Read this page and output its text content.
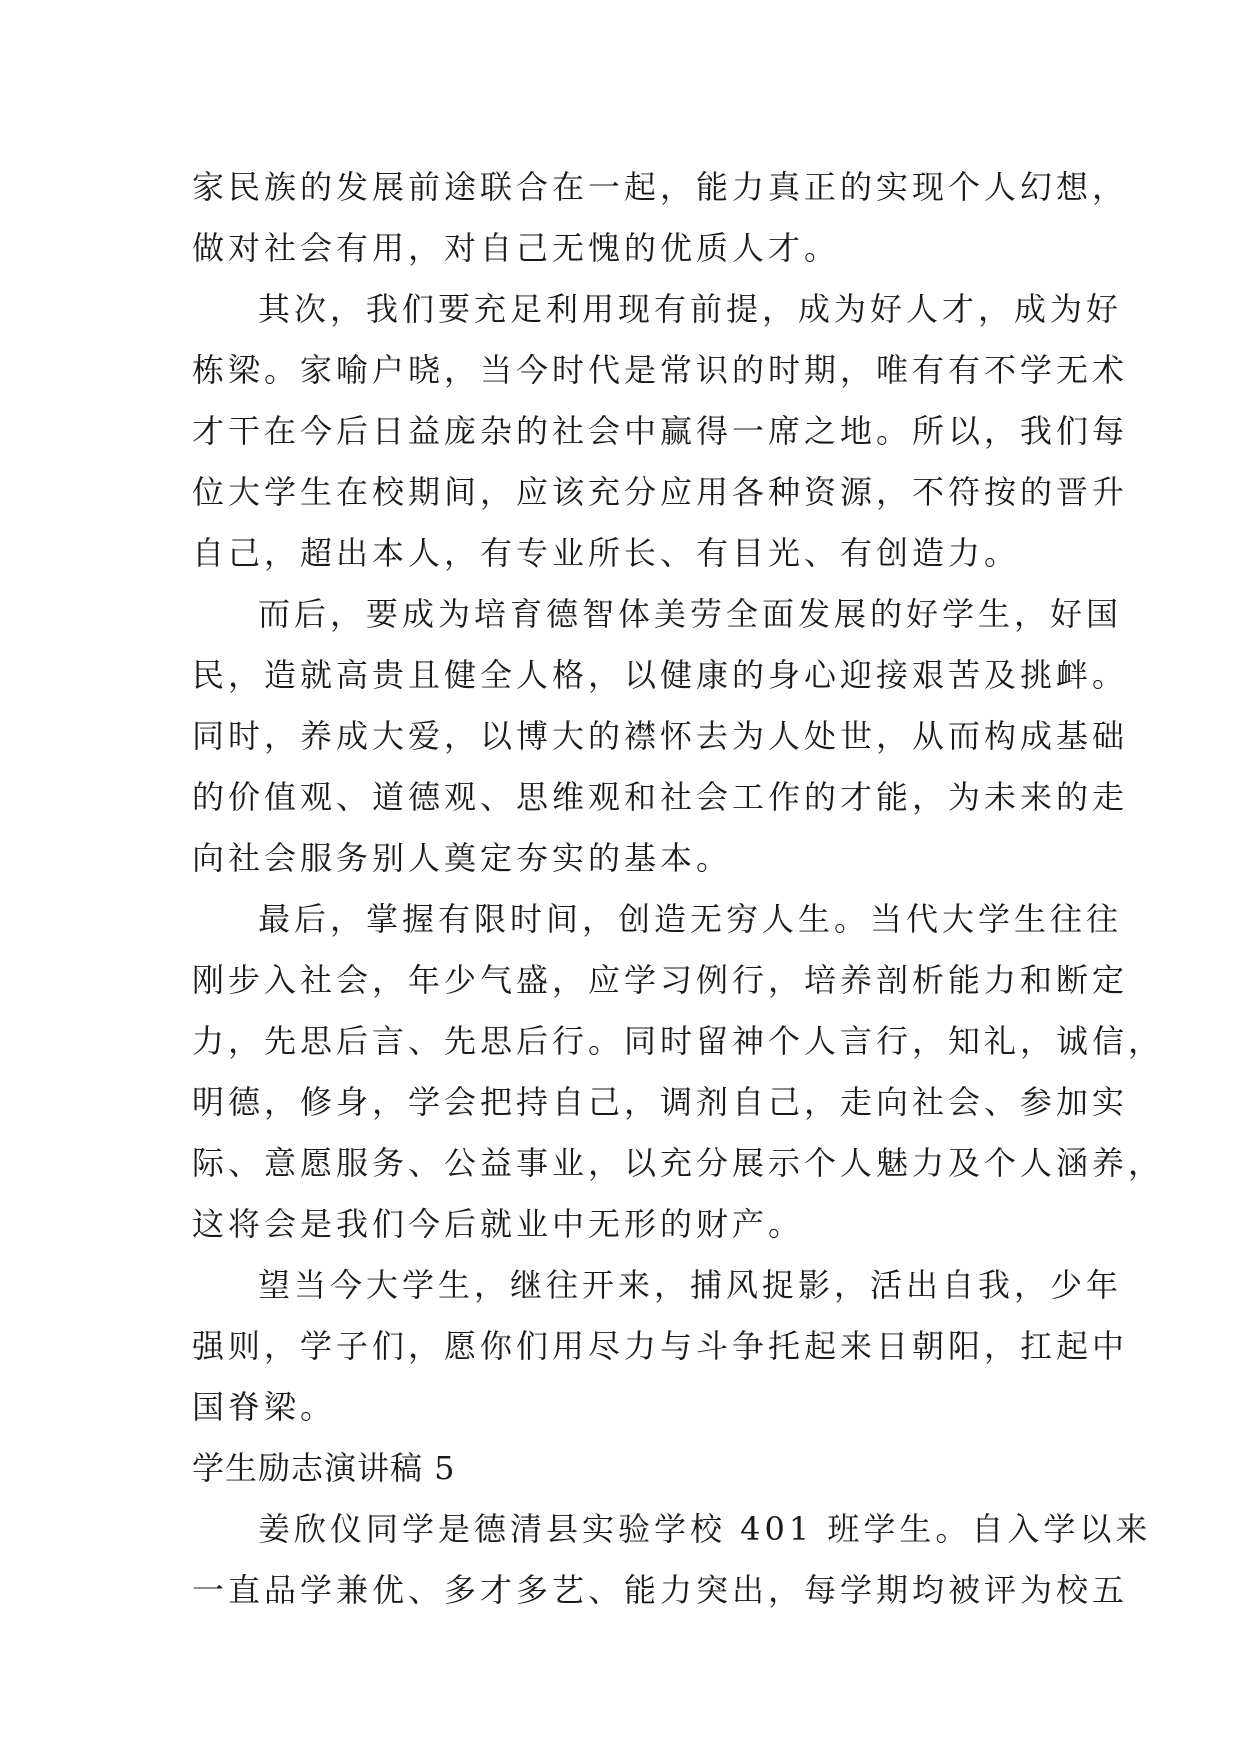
家民族的发展前途联合在一起，能力真正的实现个人幻想，
做对社会有用，对自己无愧的优质人才。
其次，我们要充足利用现有前提，成为好人才，成为好
栋梁。家喻户晓，当今时代是常识的时期，唯有有不学无术
才干在今后日益庞杂的社会中赢得一席之地。所以，我们每
位大学生在校期间，应该充分应用各种资源，不符按的晋升
自己，超出本人，有专业所长、有目光、有创造力。
而后，要成为培育德智体美劳全面发展的好学生，好国
民，造就高贵且健全人格，以健康的身心迎接艰苦及挑衅。
同时，养成大爱，以博大的襟怀去为人处世，从而构成基础
的价值观、道德观、思维观和社会工作的才能，为未来的走
向社会服务别人奠定夯实的基本。
最后，掌握有限时间，创造无穷人生。当代大学生往往
刚步入社会，年少气盛，应学习例行，培养剖析能力和断定
力，先思后言、先思后行。同时留神个人言行，知礼，诚信，
明德，修身，学会把持自己，调剂自己，走向社会、参加实
际、意愿服务、公益事业，以充分展示个人魅力及个人涵养，
这将会是我们今后就业中无形的财产。
望当今大学生，继往开来，捕风捉影，活出自我，少年
强则，学子们，愿你们用尽力与斗争托起来日朝阳，扛起中
国脊梁。
学生励志演讲稿 5
姜欣仪同学是德清县实验学校 401 班学生。自入学以来
一直品学兼优、多才多艺、能力突出，每学期均被评为校五
